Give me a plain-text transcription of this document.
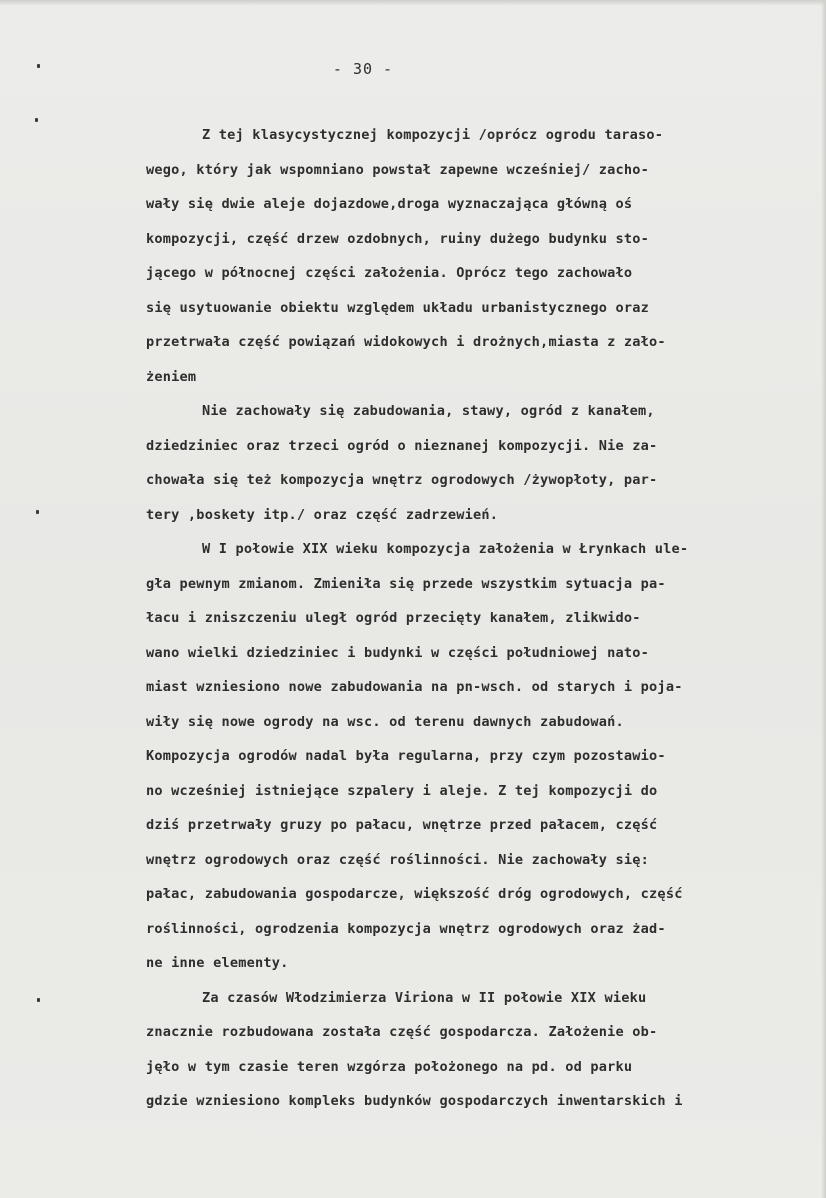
- 30 -
Z tej klasycystycznej kompozycji /oprócz ogrodu taraso-
wego, który jak wspomniano powstał zapewne wcześniej/ zacho-
wały się dwie aleje dojazdowe,droga wyznaczająca główną oś
kompozycji, część drzew ozdobnych, ruiny dużego budynku sto-
jącego w północnej części założenia. Oprócz tego zachowało
się usytuowanie obiektu względem układu urbanistycznego oraz
przetrwała część powiązań widokowych i drożnych,miasta z zało-
żeniem
Nie zachowały się zabudowania, stawy, ogród z kanałem,
dziedziniec oraz trzeci ogród o nieznanej kompozycji. Nie za-
chowała się też kompozycja wnętrz ogrodowych /żywopłoty, par-
tery ,boskety itp./ oraz część zadrzewień.
W I połowie XIX wieku kompozycja założenia w Łrynkach ule-
gła pewnym zmianom. Zmieniła się przede wszystkim sytuacja pa-
łacu i zniszczeniu uległ ogród przecięty kanałem, zlikwido-
wano wielki dziedziniec i budynki w części południowej nato-
miast wzniesiono nowe zabudowania na pn-wsch. od starych i poja-
wiły się nowe ogrody na wsc. od terenu dawnych zabudowań.
Kompozycja ogrodów nadal była regularna, przy czym pozostawio-
no wcześniej istniejące szpalery i aleje. Z tej kompozycji do
dziś przetrwały gruzy po pałacu, wnętrze przed pałacem, część
wnętrz ogrodowych oraz część roślinności. Nie zachowały się:
pałac, zabudowania gospodarcze, większość dróg ogrodowych, część
roślinności, ogrodzenia kompozycja wnętrz ogrodowych oraz żad-
ne inne elementy.
Za czasów Włodzimierza Viriona w II połowie XIX wieku
znacznie rozbudowana została część gospodarcza. Założenie ob-
jęło w tym czasie teren wzgórza położonego na pd. od parku
gdzie wzniesiono kompleks budynków gospodarczych inwentarskich i
